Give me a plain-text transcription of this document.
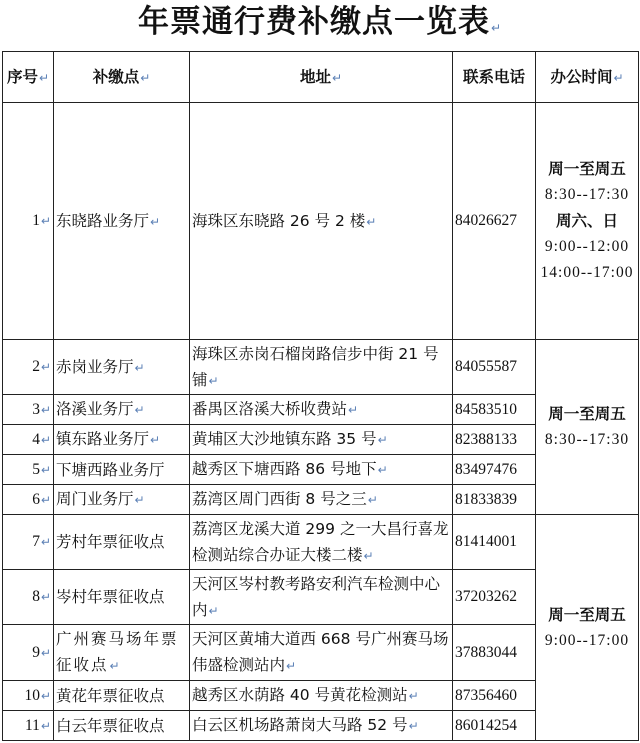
年票通行费补缴点一览表↵
序号↵	补缴点↵	地址↵	联系电话	办公时间↵
1↵	东晓路业务厅↵	海珠区东晓路 26 号 2 楼↵	84026627	周一至周五
8:30--17:30
周六、日
9:00--12:00
14:00--17:00

2↵	赤岗业务厅↵	海珠区赤岗石榴岗路信步中街 21 号铺↵	84055587	周一至周五
8:30--17:30

3↵	洛溪业务厅↵	番禺区洛溪大桥收费站↵	84583510	
4↵	镇东路业务厅↵	黄埔区大沙地镇东路 35 号↵	82388133	
5↵	下塘西路业务厅	越秀区下塘西路 86 号地下↵	83497476	
6↵	周门业务厅↵	荔湾区周门西街 8 号之三↵	81833839	
7↵	芳村年票征收点	荔湾区龙溪大道 299 之一大昌行喜龙检测站综合办证大楼二楼↵	81414001	周一至周五
9:00--17:00

8↵	岑村年票征收点	天河区岑村教考路安利汽车检测中心内↵	37203262	
9↵	广州赛马场年票征收点↵	天河区黄埔大道西 668 号广州赛马场伟盛检测站内↵	37883044	
10↵	黄花年票征收点	越秀区水荫路 40 号黄花检测站↵	87356460	
11↵	白云年票征收点	白云区机场路萧岗大马路 52 号↵	86014254	
